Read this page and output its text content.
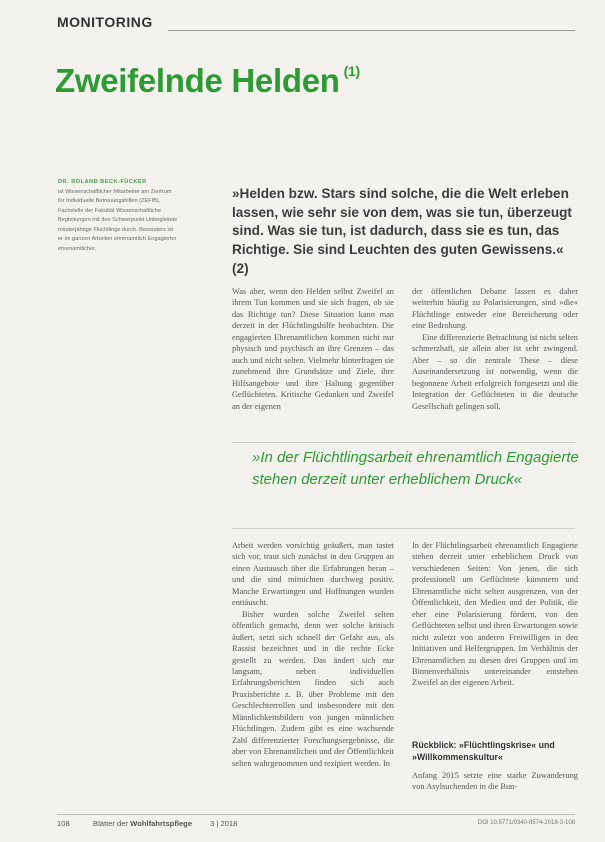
MONITORING
Zweifelnde Helden $^{(1)}$
DR. ROLAND BECK-FÜCKER
ist Wissenschaftlicher Mitarbeiter am Zentrum für Individuelle Betreuungshilfen (ZEFIB), Fachstelle der Fakultät Wissenschaftliche Begleitungen mit den Schwerpunkt Unbegleitete minderjährige Flüchtlinge durch. Besonders ist er im ganzen Arbeiten ehrenamtlich Engagierter ehrenamtlicher.
»Helden bzw. Stars sind solche, die die Welt erleben lassen, wie sehr sie von dem, was sie tun, überzeugt sind. Was sie tun, ist dadurch, dass sie es tun, das Richtige. Sie sind Leuchten des guten Gewissens.« (2)

Was aber, wenn den Helden selbst Zweifel an ihrem Tun kommen und sie sich fragen, ob sie das Richtige tun? Diese Situation kann man derzeit in der Flüchtlingshilfe beobachten. Die engagierten Ehrenamtlichen kommen nicht nur physisch und psychisch an ihre Grenzen – das auch und nicht selten. Vielmehr hinterfragen sie zunehmend ihre Grundsätze und Ziele, ihre Hilfsangebote und ihre Haltung gegenüber Geflüchteten. Kritische Gedanken und Zweifel an der eigenen

der öffentlichen Debatte lassen es daher weiterhin häufig zu Polarisierungen, sind »die« Flüchtlinge entweder eine Bereicherung oder eine Bedrohung.

Eine differenzierte Betrachtung ist nicht selten schmerzhaft, sie allein aber ist sehr zwingend. Aber – so die zentrale These – diese Auseinandersetzung ist notwendig, wenn die begonnene Arbeit erfolgreich fortgesetzt und die Integration der Geflüchteten in die deutsche Gesellschaft gelingen soll.

»In der Flüchtlingsarbeit ehrenamtlich Engagierte stehen derzeit unter erheblichem Druck«

Arbeit werden vorsichtig geäußert, man tastet sich vor, traut sich zunächst in den Gruppen an einen Austausch über die Erfahrungen heran – und die sind mitnichten durchweg positiv. Manche Erwartungen und Hoffnungen wurden enttäuscht.

Bisher wurden solche Zweifel selten öffentlich gemacht, denn wer solche kritisch äußert, setzt sich schnell der Gefahr aus, als Rassist bezeichnet und in die rechte Ecke gestellt zu werden. Das ändert sich nur langsam, neben individuellen Erfahrungsberichten finden sich auch Praxisberichte z. B. über Probleme mit den Geschlechterrollen und insbesondere mit den Männlichkeitsbildern von jungen männlichen Flüchtlingen. Zudem gibt es eine wachsende Zahl differenzierter Forschungsergebnisse, die aber von Ehrenamtlichen und der Öffentlichkeit selten wahrgenommen und rezipiert werden. In

In der Flüchtlingsarbeit ehrenamtlich Engagierte stehen derzeit unter erheblichem Druck von verschiedenen Seiten: Von jenen, die sich professionell um Geflüchtete kümmern und Ehrenamtliche nicht selten ausgrenzen, von der Öffentlichkeit, den Medien und der Politik, die eher eine Polarisierung fördern, von den Geflüchteten selbst und ihren Erwartungen sowie nicht zuletzt von anderen Freiwilligen in den Initiativen und Helfergruppen. Im Verhältnis der Ehrenamtlichen zu diesen drei Gruppen und im Binnenverhältnis untereinander entstehen Zweifel an der eigenen Arbeit.

Rückblick: »Flüchtlingskrise« und »Willkommenskultur«

Anfang 2015 setzte eine starke Zuwanderung von Asylsuchenden in die Bun-

108	Blätter der Wohlfahrtspflege 3 | 2018	DOI 10.5771/0340-8574-2018-3-108
